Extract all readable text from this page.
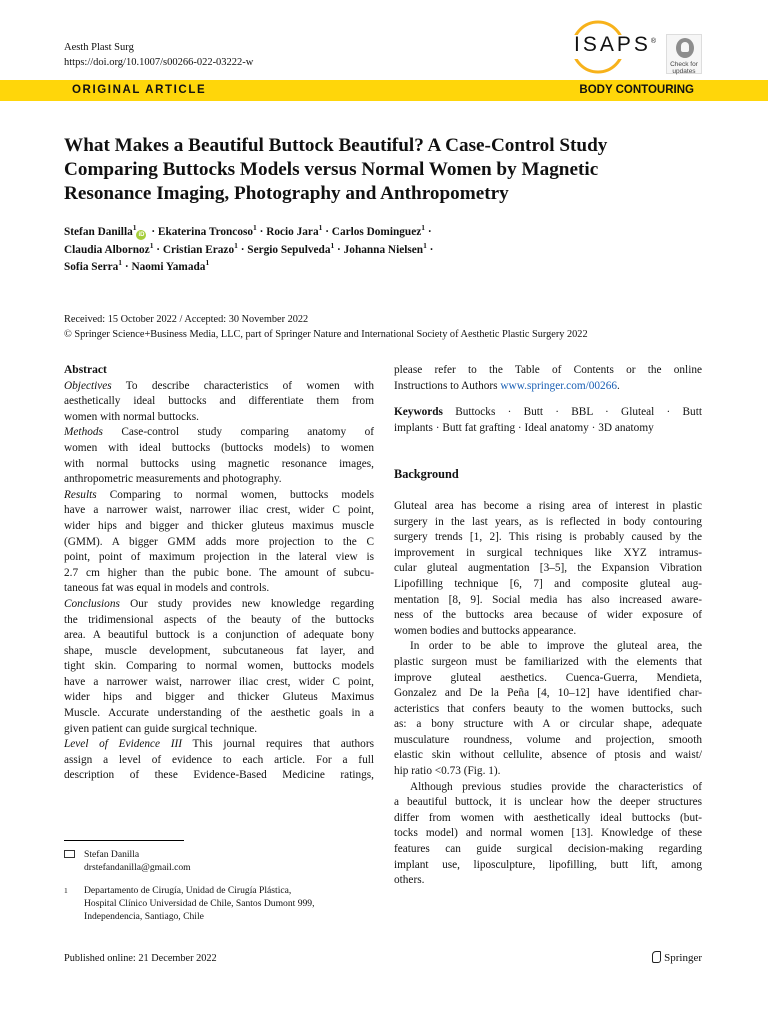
Aesth Plast Surg
https://doi.org/10.1007/s00266-022-03222-w
ISAPS®
Check for
updates
ORIGINAL ARTICLE	BODY CONTOURING
What Makes a Beautiful Buttock Beautiful? A Case-Control Study
Comparing Buttocks Models versus Normal Women by Magnetic
Resonance Imaging, Photography and Anthropometry
Stefan Danilla$^1$iD · Ekaterina Troncoso$^1$ · Rocio Jara$^1$ · Carlos Dominguez$^1$ ·
Claudia Albornoz$^1$ · Cristian Erazo$^1$ · Sergio Sepulveda$^1$ · Johanna Nielsen$^1$ ·
Sofia Serra$^1$ · Naomi Yamada$^1$
Received: 15 October 2022 / Accepted: 30 November 2022
© Springer Science+Business Media, LLC, part of Springer Nature and International Society of Aesthetic Plastic Surgery 2022
Abstract
Objectives To describe characteristics of women with
aesthetically ideal buttocks and differentiate them from
women with normal buttocks.
Methods Case-control study comparing anatomy of
women with ideal buttocks (buttocks models) to women
with normal buttocks using magnetic resonance images,
anthropometric measurements and photography.
Results Comparing to normal women, buttocks models
have a narrower waist, narrower iliac crest, wider C point,
wider hips and bigger and thicker gluteus maximus muscle
(GMM). A bigger GMM adds more projection to the C
point, point of maximum projection in the lateral view is
2.7 cm higher than the pubic bone. The amount of subcu-
taneous fat was equal in models and controls.
Conclusions Our study provides new knowledge regarding
the tridimensional aspects of the beauty of the buttocks
area. A beautiful buttock is a conjunction of adequate bony
shape, muscle development, subcutaneous fat layer, and
tight skin. Comparing to normal women, buttocks models
have a narrower waist, narrower iliac crest, wider C point,
wider hips and bigger and thicker Gluteus Maximus
Muscle. Accurate understanding of the aesthetic goals in a
given patient can guide surgical technique.
Level of Evidence III This journal requires that authors
assign a level of evidence to each article. For a full
description of these Evidence-Based Medicine ratings,
please refer to the Table of Contents or the online
Instructions to Authors www.springer.com/00266.
Keywords Buttocks · Butt · BBL · Gluteal · Butt
implants · Butt fat grafting · Ideal anatomy · 3D anatomy
Background
Gluteal area has become a rising area of interest in plastic
surgery in the last years, as is reflected in body contouring
surgery trends [1, 2]. This rising is probably caused by the
improvement in surgical techniques like XYZ intramus-
cular gluteal augmentation [3–5], the Expansion Vibration
Lipofilling technique [6, 7] and composite gluteal aug-
mentation [8, 9]. Social media has also increased aware-
ness of the buttocks area because of wider exposure of
women bodies and buttocks appearance.
In order to be able to improve the gluteal area, the
plastic surgeon must be familiarized with the elements that
improve gluteal aesthetics. Cuenca-Guerra, Mendieta,
Gonzalez and De la Peña [4, 10–12] have identified char-
acteristics that confers beauty to the women buttocks, such
as: a bony structure with A or circular shape, adequate
musculature roundness, volume and projection, smooth
elastic skin without cellulite, absence of ptosis and waist/
hip ratio <0.73 (Fig. 1).
Although previous studies provide the characteristics of
a beautiful buttock, it is unclear how the deeper structures
differ from women with aesthetically ideal buttocks (but-
tocks model) and normal women [13]. Knowledge of these
features can guide surgical decision-making regarding
implant use, liposculpture, lipofilling, butt lift, among
others.
Stefan Danilla
drstefandanilla@gmail.com
1	Departamento de Cirugía, Unidad de Cirugía Plástica,
Hospital Clínico Universidad de Chile, Santos Dumont 999,
Independencia, Santiago, Chile
Published online: 21 December 2022	Springer
